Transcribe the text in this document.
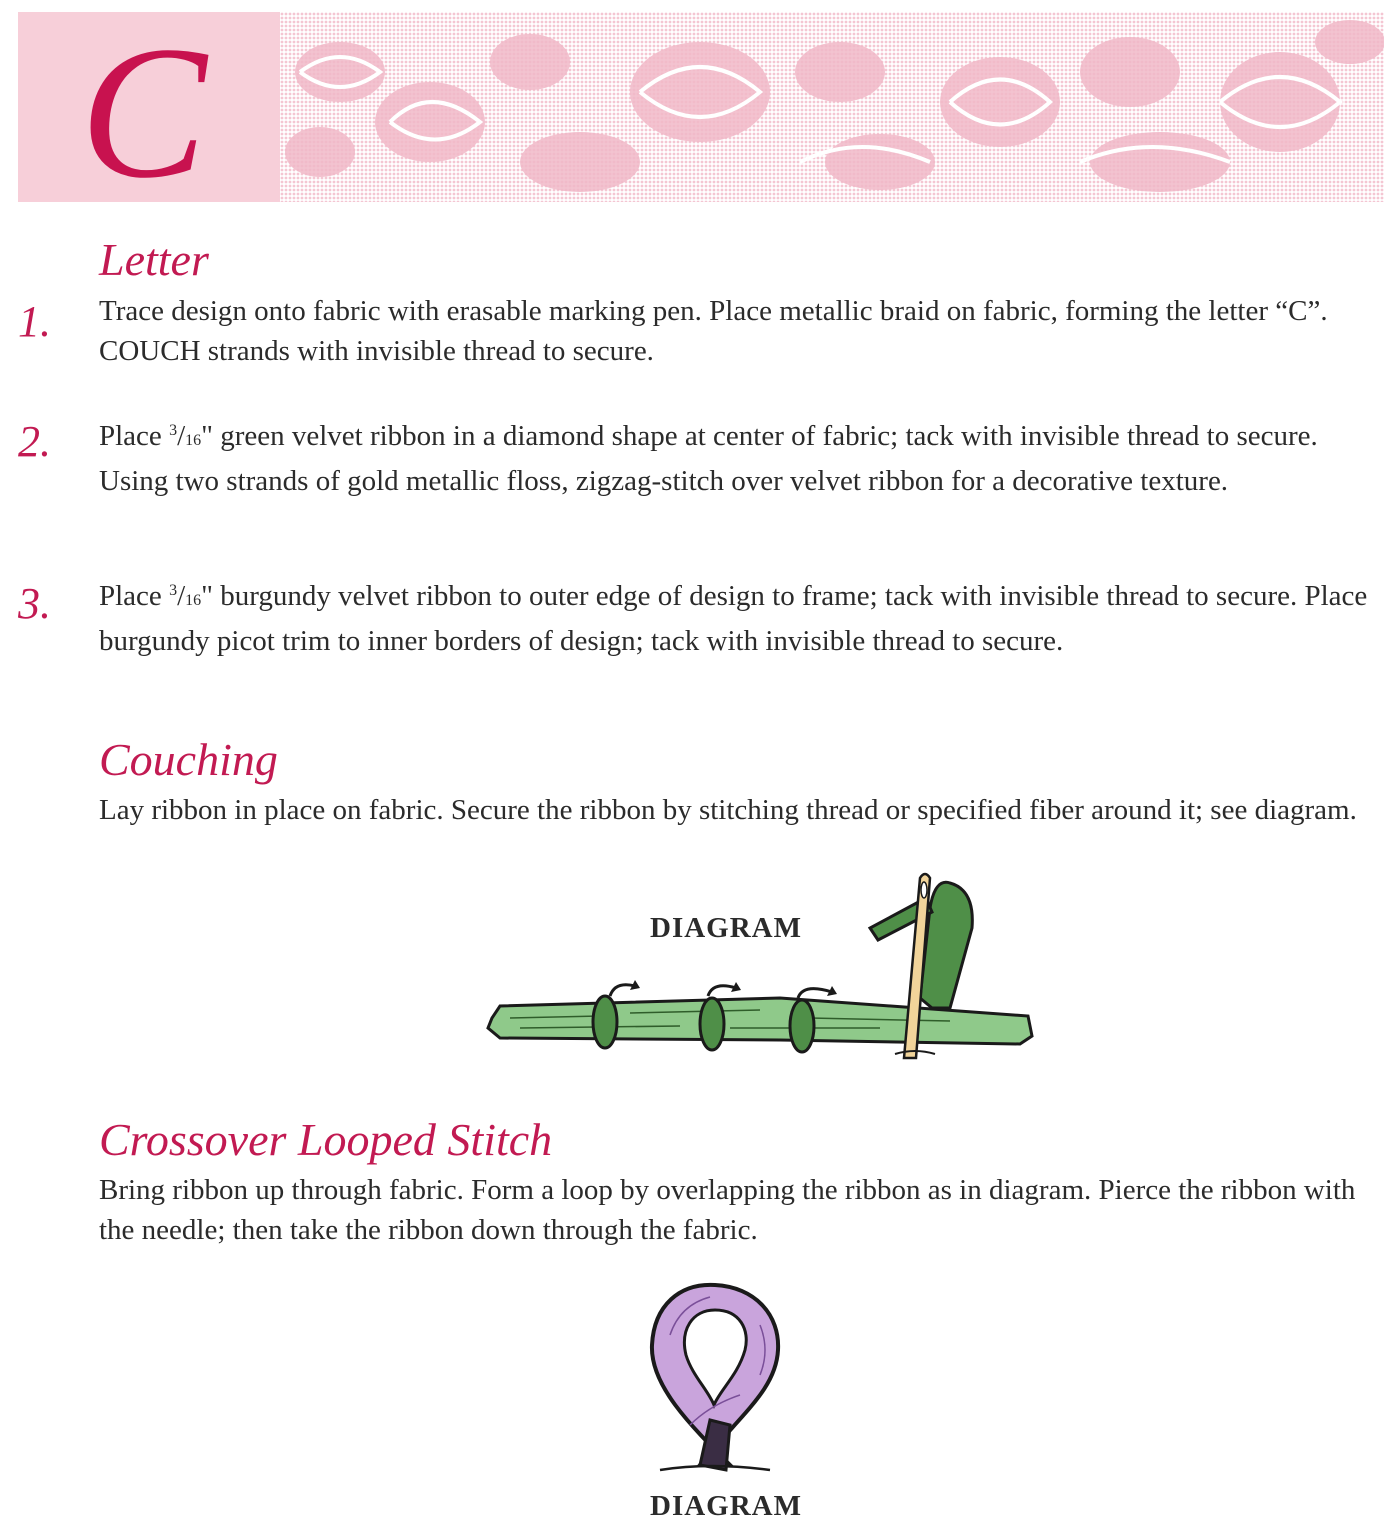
C
Letter
1. Trace design onto fabric with erasable marking pen. Place metallic braid on fabric, forming the letter “C”. COUCH strands with invisible thread to secure.

2. Place $^3$/16" green velvet ribbon in a diamond shape at center of fabric; tack with invisible thread to secure. Using two strands of gold metallic floss, zigzag-stitch over velvet ribbon for a decorative texture.

3. Place $^3$/16" burgundy velvet ribbon to outer edge of design to frame; tack with invisible thread to secure. Place burgundy picot trim to inner borders of design; tack with invisible thread to secure.

Couching

Lay ribbon in place on fabric. Secure the ribbon by stitching thread or specified fiber around it; see diagram.

DIAGRAM
Crossover Looped Stitch

Bring ribbon up through fabric. Form a loop by overlapping the ribbon as in diagram. Pierce the ribbon with the needle; then take the ribbon down through the fabric.

DIAGRAM
